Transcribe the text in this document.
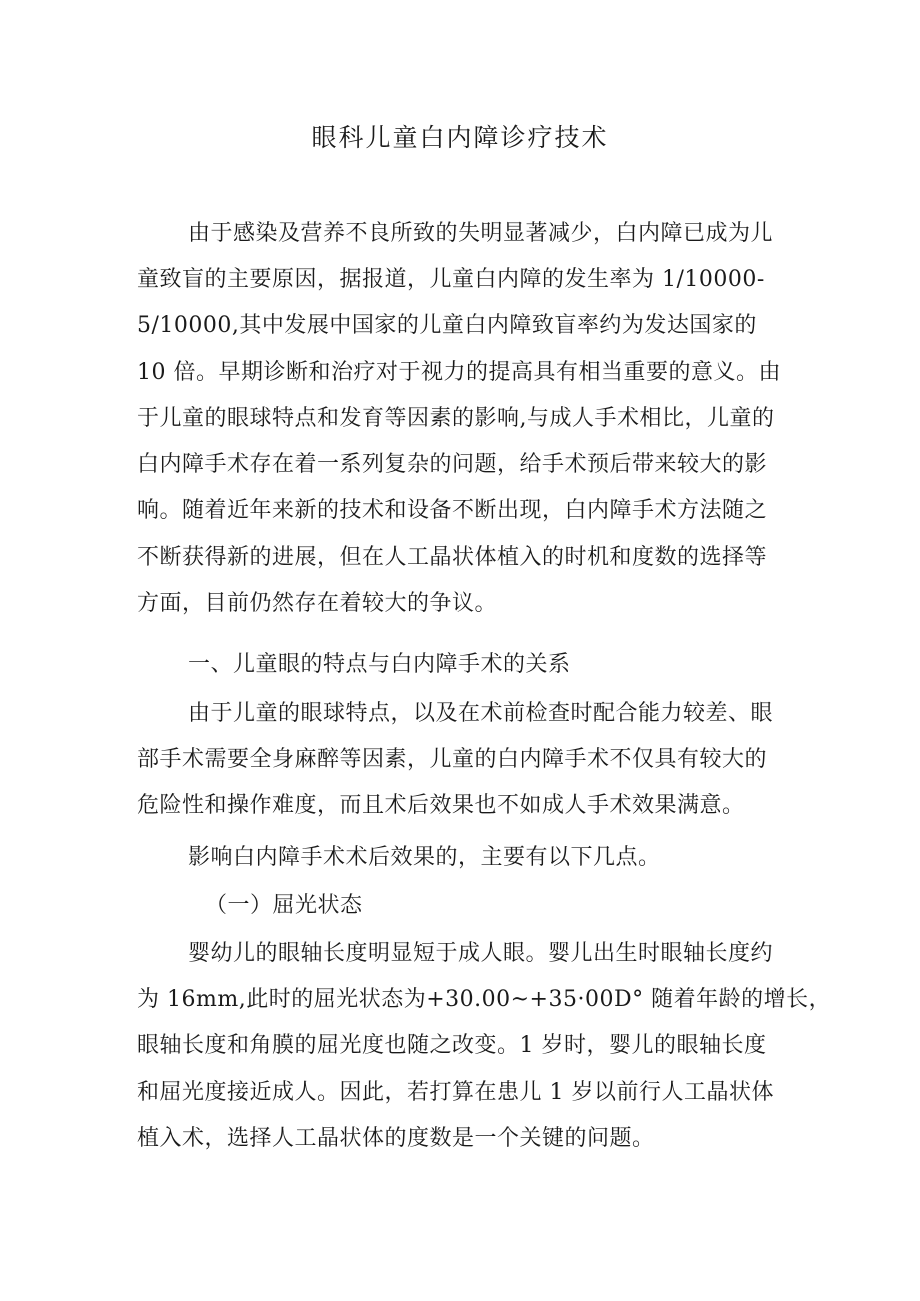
眼科儿童白内障诊疗技术
由于感染及营养不良所致的失明显著减少，白内障已成为儿
童致盲的主要原因，据报道，儿童白内障的发生率为 1/10000-
5/10000,其中发展中国家的儿童白内障致盲率约为发达国家的
10 倍。早期诊断和治疗对于视力的提高具有相当重要的意义。由
于儿童的眼球特点和发育等因素的影响,与成人手术相比，儿童的
白内障手术存在着一系列复杂的问题，给手术预后带来较大的影
响。随着近年来新的技术和设备不断出现，白内障手术方法随之
不断获得新的进展，但在人工晶状体植入的时机和度数的选择等
方面，目前仍然存在着较大的争议。
一、儿童眼的特点与白内障手术的关系
由于儿童的眼球特点，以及在术前检查时配合能力较差、眼
部手术需要全身麻醉等因素，儿童的白内障手术不仅具有较大的
危险性和操作难度，而且术后效果也不如成人手术效果满意。
影响白内障手术术后效果的，主要有以下几点。
（一）屈光状态
婴幼儿的眼轴长度明显短于成人眼。婴儿出生时眼轴长度约
为 16mm,此时的屈光状态为+30.00~+35·00D° 随着年龄的增长，
眼轴长度和角膜的屈光度也随之改变。1 岁时，婴儿的眼轴长度
和屈光度接近成人。因此，若打算在患儿 1 岁以前行人工晶状体
植入术，选择人工晶状体的度数是一个关键的问题。
